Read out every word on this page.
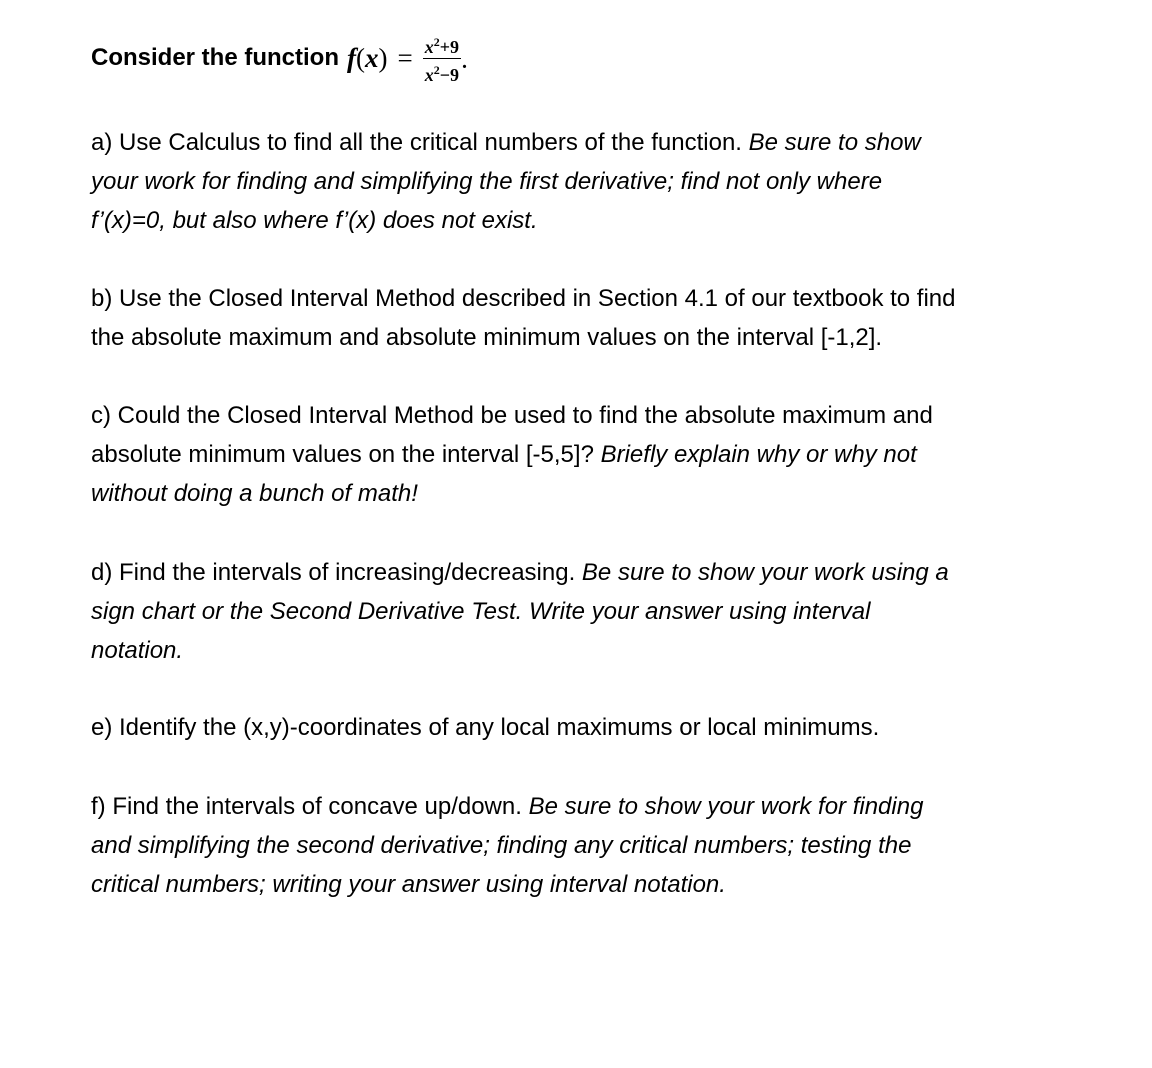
Consider the function $f(x) = \frac{x^2+9}{x^2-9}$ .
a) Use Calculus to find all the critical numbers of the function. Be sure to show
your work for finding and simplifying the first derivative; find not only where
f’(x)=0, but also where f’(x) does not exist.
b) Use the Closed Interval Method described in Section 4.1 of our textbook to find
the absolute maximum and absolute minimum values on the interval [-1,2].
c) Could the Closed Interval Method be used to find the absolute maximum and
absolute minimum values on the interval [-5,5]? Briefly explain why or why not
without doing a bunch of math!
d) Find the intervals of increasing/decreasing. Be sure to show your work using a
sign chart or the Second Derivative Test. Write your answer using interval
notation.
e) Identify the (x,y)-coordinates of any local maximums or local minimums.
f) Find the intervals of concave up/down. Be sure to show your work for finding
and simplifying the second derivative; finding any critical numbers; testing the
critical numbers; writing your answer using interval notation.
